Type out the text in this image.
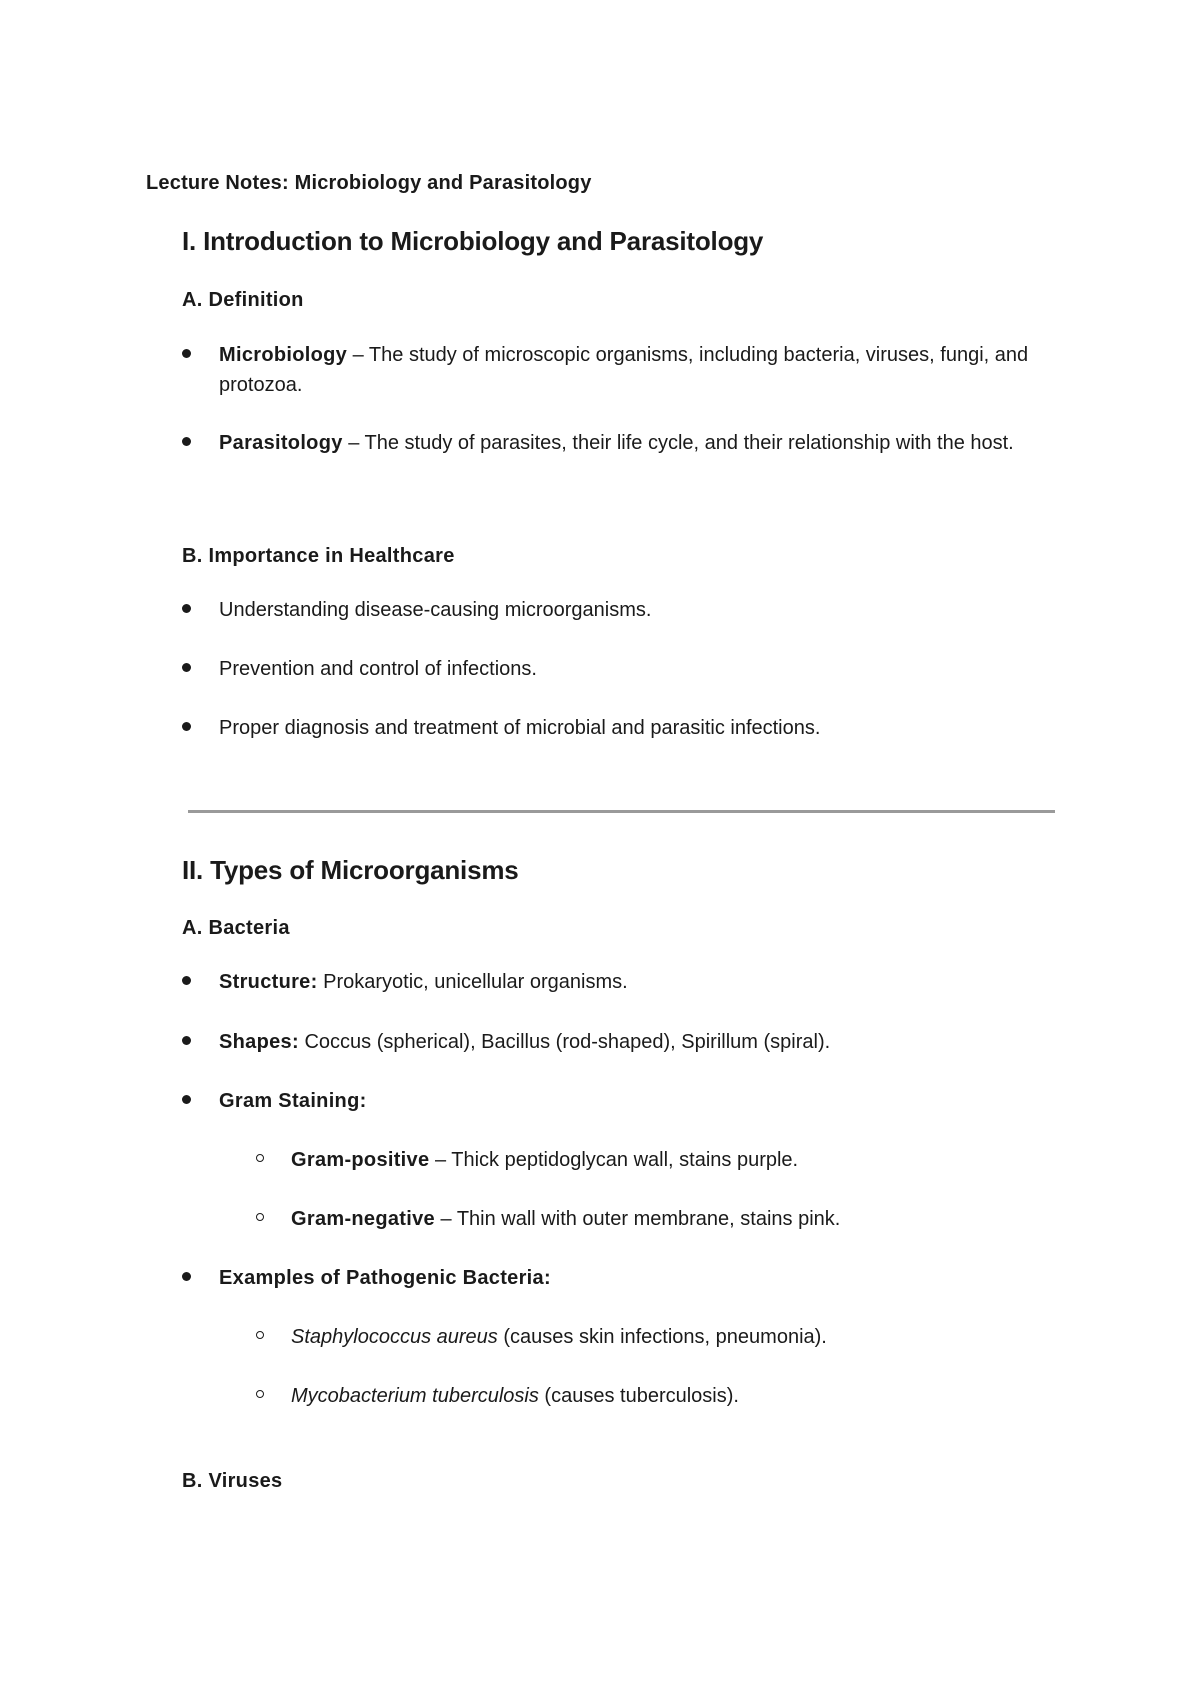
Lecture Notes: Microbiology and Parasitology
I. Introduction to Microbiology and Parasitology
A. Definition
Microbiology – The study of microscopic organisms, including bacteria, viruses, fungi, and protozoa.
Parasitology – The study of parasites, their life cycle, and their relationship with the host.
B. Importance in Healthcare
Understanding disease-causing microorganisms.
Prevention and control of infections.
Proper diagnosis and treatment of microbial and parasitic infections.
II. Types of Microorganisms
A. Bacteria
Structure: Prokaryotic, unicellular organisms.
Shapes: Coccus (spherical), Bacillus (rod-shaped), Spirillum (spiral).
Gram Staining:
Gram-positive – Thick peptidoglycan wall, stains purple.
Gram-negative – Thin wall with outer membrane, stains pink.
Examples of Pathogenic Bacteria:
Staphylococcus aureus (causes skin infections, pneumonia).
Mycobacterium tuberculosis (causes tuberculosis).
B. Viruses
